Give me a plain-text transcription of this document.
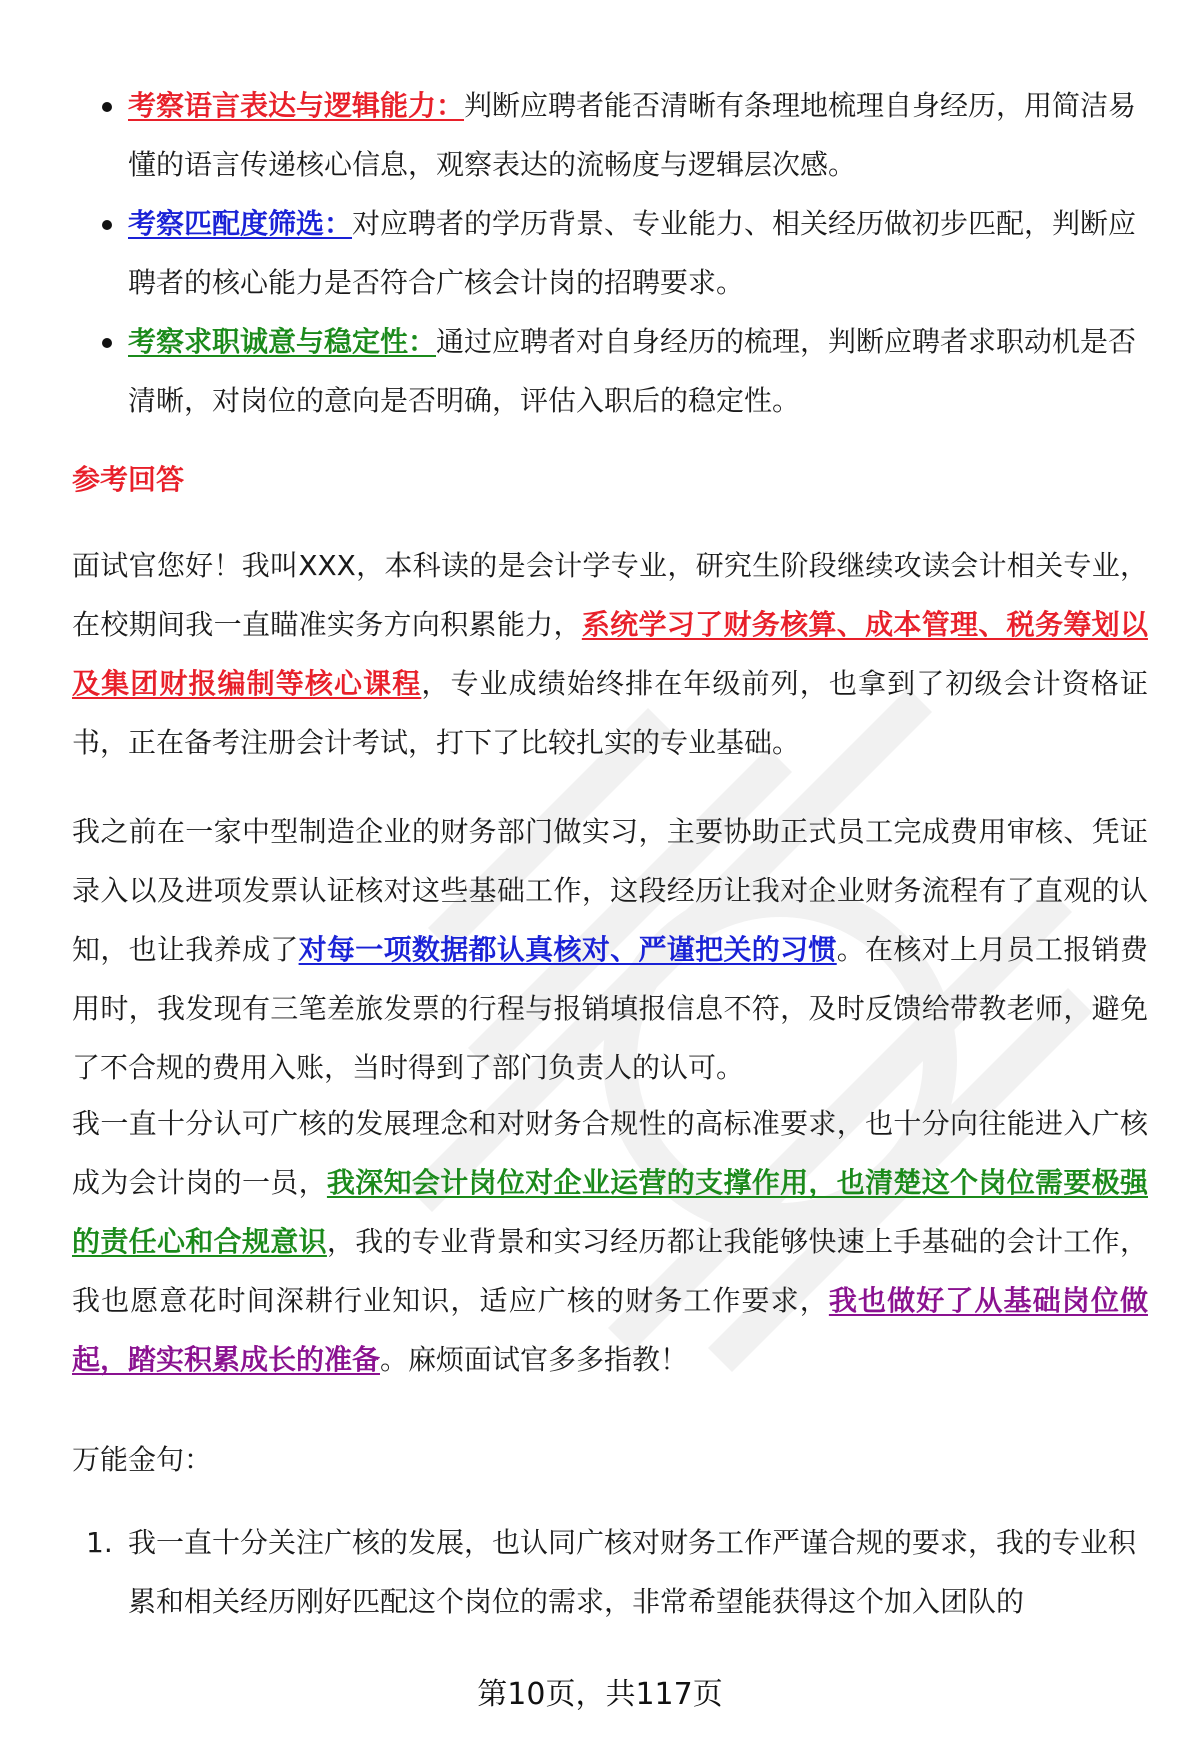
考察语言表达与逻辑能力：判断应聘者能否清晰有条理地梳理自身经历，用简洁易懂的语言传递核心信息，观察表达的流畅度与逻辑层次感。
考察匹配度筛选：对应聘者的学历背景、专业能力、相关经历做初步匹配，判断应聘者的核心能力是否符合广核会计岗的招聘要求。
考察求职诚意与稳定性：通过应聘者对自身经历的梳理，判断应聘者求职动机是否清晰，对岗位的意向是否明确，评估入职后的稳定性。
参考回答

面试官您好！我叫XXX，本科读的是会计学专业，研究生阶段继续攻读会计相关专业，在校期间我一直瞄准实务方向积累能力，系统学习了财务核算、成本管理、税务筹划以及集团财报编制等核心课程，专业成绩始终排在年级前列，也拿到了初级会计资格证书，正在备考注册会计考试，打下了比较扎实的专业基础。

我之前在一家中型制造企业的财务部门做实习，主要协助正式员工完成费用审核、凭证录入以及进项发票认证核对这些基础工作，这段经历让我对企业财务流程有了直观的认知，也让我养成了对每一项数据都认真核对、严谨把关的习惯。在核对上月员工报销费用时，我发现有三笔差旅发票的行程与报销填报信息不符，及时反馈给带教老师，避免了不合规的费用入账，当时得到了部门负责人的认可。

我一直十分认可广核的发展理念和对财务合规性的高标准要求，也十分向往能进入广核成为会计岗的一员，我深知会计岗位对企业运营的支撑作用，也清楚这个岗位需要极强的责任心和合规意识，我的专业背景和实习经历都让我能够快速上手基础的会计工作，我也愿意花时间深耕行业知识，适应广核的财务工作要求，我也做好了从基础岗位做起，踏实积累成长的准备。麻烦面试官多多指教！

万能金句：
1. 我一直十分关注广核的发展，也认同广核对财务工作严谨合规的要求，我的专业积累和相关经历刚好匹配这个岗位的需求，非常希望能获得这个加入团队的
第10页，共117页
